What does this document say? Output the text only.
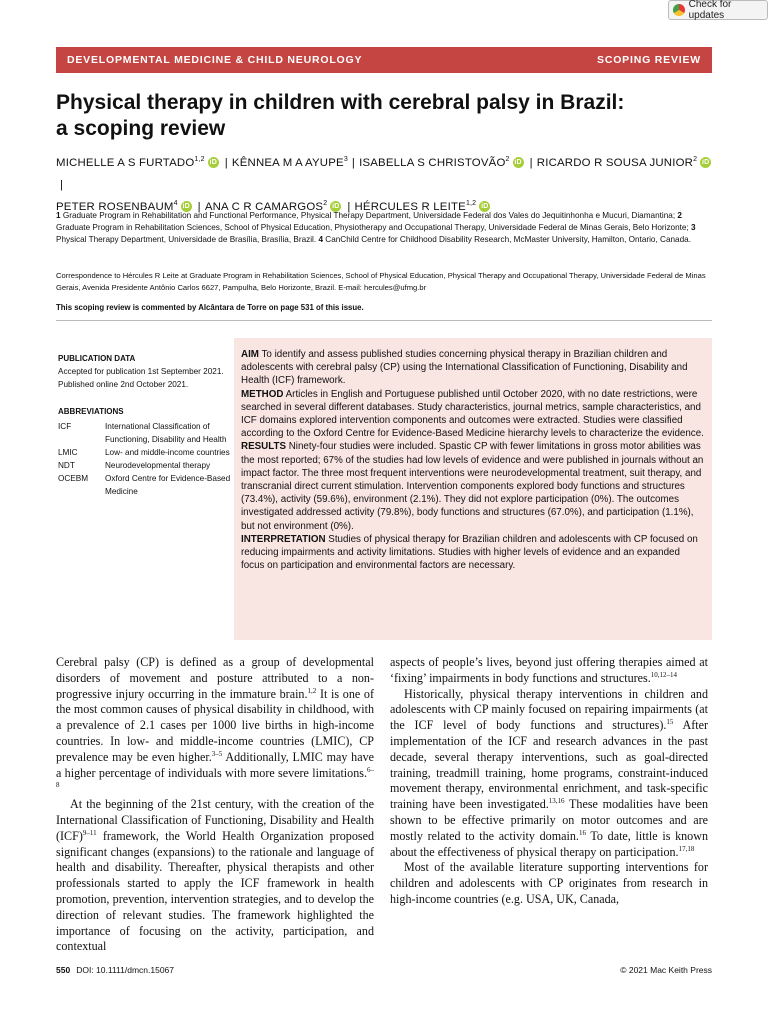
Check for updates
DEVELOPMENTAL MEDICINE & CHILD NEUROLOGY	SCOPING REVIEW
Physical therapy in children with cerebral palsy in Brazil:
a scoping review
MICHELLE A S FURTADO$^{1,2}$ iD | KÊNNEA M A AYUPE$^3$ | ISABELLA S CHRISTOVÃO$^2$ iD | RICARDO R SOUSA JUNIOR$^2$ iD|
PETER ROSENBAUM$^4$ iD | ANA C R CAMARGOS$^2$ iD | HÉRCULES R LEITE$^{1,2}$ iD

1 Graduate Program in Rehabilitation and Functional Performance, Physical Therapy Department, Universidade Federal dos Vales do Jequitinhonha e Mucuri, Diamantina; 2 Graduate Program in Rehabilitation Sciences, School of Physical Education, Physiotherapy and Occupational Therapy, Universidade Federal de Minas Gerais, Belo Horizonte; 3 Physical Therapy Department, Universidade de Brasília, Brasília, Brazil. 4 CanChild Centre for Childhood Disability Research, McMaster University, Hamilton, Ontario, Canada.

Correspondence to Hércules R Leite at Graduate Program in Rehabilitation Sciences, School of Physical Education, Physical Therapy and Occupational Therapy, Universidade Federal de Minas Gerais, Avenida Presidente Antônio Carlos 6627, Pampulha, Belo Horizonte, Brazil. E-mail: hercules@ufmg.br

This scoping review is commented by Alcântara de Torre on page 531 of this issue.

PUBLICATION DATA

Accepted for publication 1st September 2021.

Published online 2nd October 2021.

ABBREVIATIONS
ICF	International Classification of Functioning, Disability and Health
LMIC	Low- and middle-income countries
NDT	Neurodevelopmental therapy
OCEBM	Oxford Centre for Evidence-Based Medicine

AIM To identify and assess published studies concerning physical therapy in Brazilian children and adolescents with cerebral palsy (CP) using the International Classification of Functioning, Disability and Health (ICF) framework.

METHOD Articles in English and Portuguese published until October 2020, with no date restrictions, were searched in several different databases. Study characteristics, journal metrics, sample characteristics, and ICF domains explored intervention components and outcomes were extracted. Studies were classified according to the Oxford Centre for Evidence-Based Medicine hierarchy levels to characterize the evidence.

RESULTS Ninety-four studies were included. Spastic CP with fewer limitations in gross motor abilities was the most reported; 67% of the studies had low levels of evidence and were published in journals without an impact factor. The three most frequent interventions were neurodevelopmental treatment, suit therapy, and transcranial direct current stimulation. Intervention components explored body functions and structures (73.4%), activity (59.6%), environment (2.1%). They did not explore participation (0%). The outcomes investigated addressed activity (79.8%), body functions and structures (67.0%), and participation (1.1%), but not environment (0%).

INTERPRETATION Studies of physical therapy for Brazilian children and adolescents with CP focused on reducing impairments and activity limitations. Studies with higher levels of evidence and an expanded focus on participation and environmental factors are necessary.

Cerebral palsy (CP) is defined as a group of developmental disorders of movement and posture attributed to a non-progressive injury occurring in the immature brain.$^{1,2}$ It is one of the most common causes of physical disability in childhood, with a prevalence of 2.1 cases per 1000 live births in high-income countries. In low- and middle-income countries (LMIC), CP prevalence may be even higher.$^{3-5}$ Additionally, LMIC may have a higher percentage of individuals with more severe limitations.$^{6-8}$

At the beginning of the 21st century, with the creation of the International Classification of Functioning, Disability and Health (ICF)$^{9-11}$ framework, the World Health Organization proposed significant changes (expansions) to the rationale and language of health and disability. Thereafter, physical therapists and other professionals started to apply the ICF framework in health promotion, prevention, intervention strategies, and to develop the direction of relevant studies. The framework highlighted the importance of focusing on the activity, participation, and contextual

aspects of people’s lives, beyond just offering therapies aimed at ‘fixing’ impairments in body functions and structures.$^{10,12-14}$

Historically, physical therapy interventions in children and adolescents with CP mainly focused on repairing impairments (at the ICF level of body functions and structures).$^{15}$ After implementation of the ICF and research advances in the past decade, several therapy interventions, such as goal-directed training, treadmill training, home programs, constraint-induced movement therapy, environmental enrichment, and task-specific training have been investigated.$^{13,16}$ These modalities have been shown to be effective primarily on motor outcomes and are mostly related to the activity domain.$^{16}$ To date, little is known about the effectiveness of physical therapy on participation.$^{17,18}$

Most of the available literature supporting interventions for children and adolescents with CP originates from research in high-income countries (e.g. USA, UK, Canada,

550 DOI: 10.1111/dmcn.15067	© 2021 Mac Keith Press
